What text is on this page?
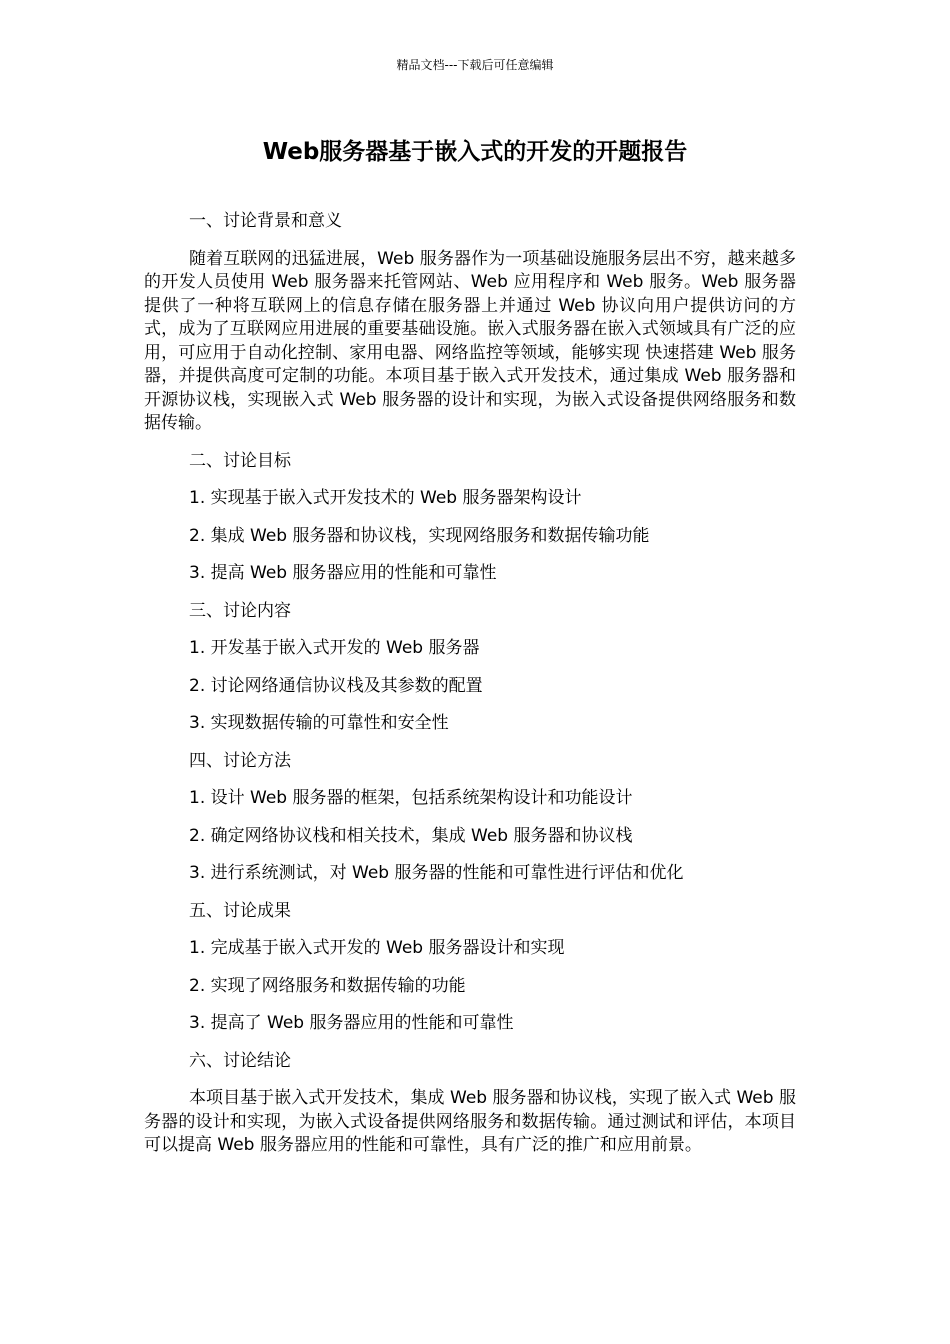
精品文档---下载后可任意编辑
Web服务器基于嵌入式的开发的开题报告

一、讨论背景和意义

随着互联网的迅猛进展，Web 服务器作为一项基础设施服务层出不穷，越来越多的开发人员使用 Web 服务器来托管网站、Web 应用程序和 Web 服务。Web 服务器提供了一种将互联网上的信息存储在服务器上并通过 Web 协议向用户提供访问的方式，成为了互联网应用进展的重要基础设施。嵌入式服务器在嵌入式领域具有广泛的应用，可应用于自动化控制、家用电器、网络监控等领域，能够实现 快速搭建 Web 服务器，并提供高度可定制的功能。本项目基于嵌入式开发技术，通过集成 Web 服务器和开源协议栈，实现嵌入式 Web 服务器的设计和实现，为嵌入式设备提供网络服务和数据传输。

二、讨论目标

1. 实现基于嵌入式开发技术的 Web 服务器架构设计

2. 集成 Web 服务器和协议栈，实现网络服务和数据传输功能

3. 提高 Web 服务器应用的性能和可靠性

三、讨论内容

1. 开发基于嵌入式开发的 Web 服务器

2. 讨论网络通信协议栈及其参数的配置

3. 实现数据传输的可靠性和安全性

四、讨论方法

1. 设计 Web 服务器的框架，包括系统架构设计和功能设计

2. 确定网络协议栈和相关技术，集成 Web 服务器和协议栈

3. 进行系统测试，对 Web 服务器的性能和可靠性进行评估和优化

五、讨论成果

1. 完成基于嵌入式开发的 Web 服务器设计和实现

2. 实现了网络服务和数据传输的功能

3. 提高了 Web 服务器应用的性能和可靠性

六、讨论结论

本项目基于嵌入式开发技术，集成 Web 服务器和协议栈，实现了嵌入式 Web 服务器的设计和实现，为嵌入式设备提供网络服务和数据传输。通过测试和评估，本项目可以提高 Web 服务器应用的性能和可靠性，具有广泛的推广和应用前景。
